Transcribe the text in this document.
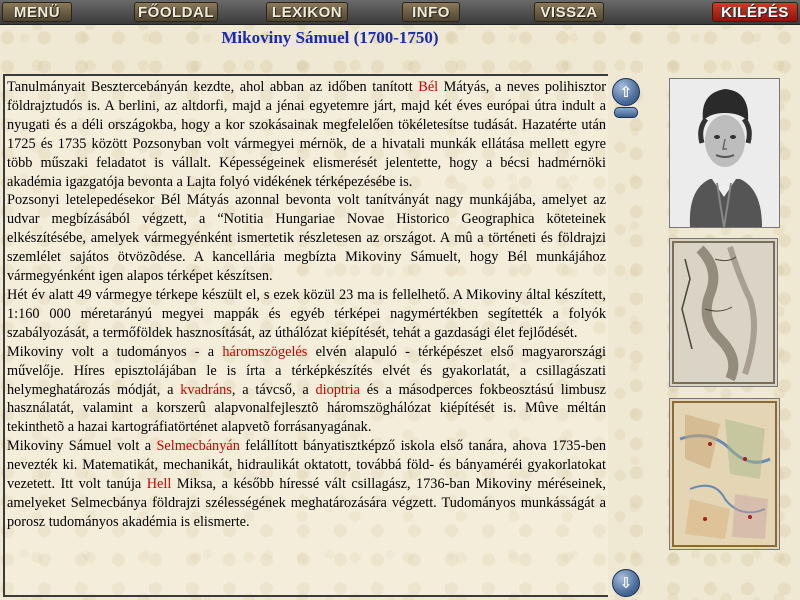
MENÜ	FŐOLDAL	LEXIKON	INFO	VISSZA	KILÉPÉS
Mikoviny Sámuel (1700-1750)

Tanulmányait Besztercebányán kezdte, ahol abban az időben tanított Bél Mátyás, a neves polihisztor földrajztudós is. A berlini, az altdorfi, majd a jénai egyetemre járt, majd két éves európai útra indult a nyugati és a déli országokba, hogy a kor szokásainak megfelelően tökéletesítse tudását. Hazatérte után 1725 és 1735 között Pozsonyban volt vármegyei mérnök, de a hivatali munkák ellátása mellett egyre több műszaki feladatot is vállalt. Képességeinek elismerését jelentette, hogy a bécsi hadmérnöki akadémia igazgatója bevonta a Lajta folyó vidékének térképezésébe is.

Pozsonyi letelepedésekor Bél Mátyás azonnal bevonta volt tanítványát nagy munkájába, amelyet az udvar megbízásából végzett, a “Notitia Hungariae Novae Historico Geographica köteteinek elkészítésébe, amelyek vármegyénként ismertetik részletesen az országot. A mû a történeti és földrajzi szemlélet sajátos ötvözõdése. A kancellária megbízta Mikoviny Sámuelt, hogy Bél munkájához vármegyénként igen alapos térképet készítsen.

Hét év alatt 49 vármegye térkepe készült el, s ezek közül 23 ma is fellelhető. A Mikoviny által készített, 1:160 000 méretarányú megyei mappák és egyéb térképei nagymértékben segítették a folyók szabályozását, a termőföldek hasznosítását, az úthálózat kiépítését, tehát a gazdasági élet fejlődését.

Mikoviny volt a tudományos - a háromszögelés elvén alapuló - térképészet első magyarországi művelője. Híres episztolájában le is írta a térképkészítés elvét és gyakorlatát, a csillagászati helymeghatározás módját, a kvadráns, a távcső, a dioptria és a másodperces fokbeosztású limbusz használatát, valamint a korszerû alapvonalfejlesztõ háromszöghálózat kiépítését is. Mûve méltán tekinthetõ a hazai kartográfiatörténet alapvetõ forrásanyagának.

Mikoviny Sámuel volt a Selmecbányán felállított bányatisztképző iskola első tanára, ahova 1735-ben nevezték ki. Matematikát, mechanikát, hidraulikát oktatott, továbbá föld- és bányaméréi gyakorlatokat vezetett. Itt volt tanúja Hell Miksa, a később híressé vált csillagász, 1736-ban Mikoviny méréseinek, amelyeket Selmecbánya földrajzi szélességének meghatározására végzett. Tudományos munkásságát a porosz tudományos akadémia is elismerte.

⇧
⇩
